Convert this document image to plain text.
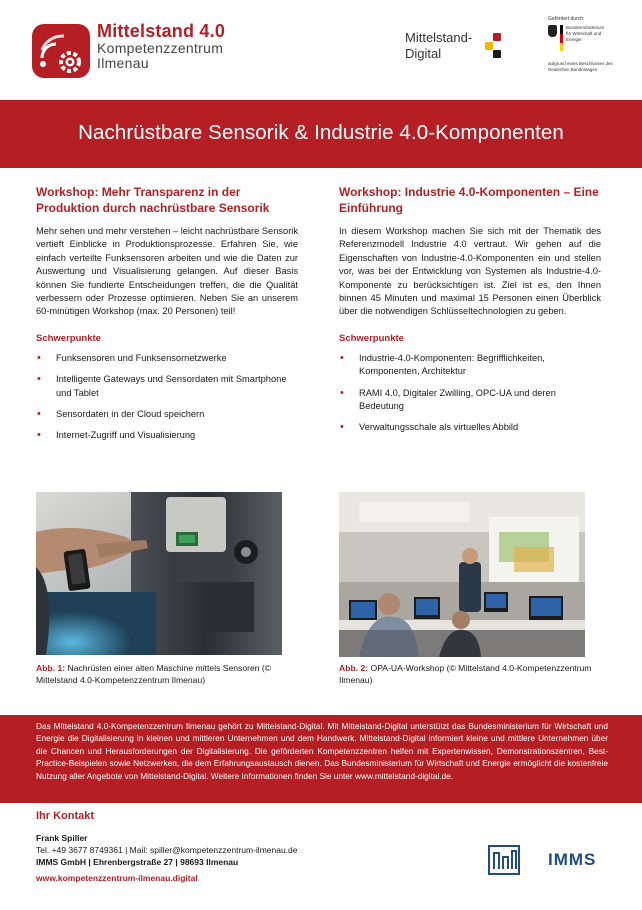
Mittelstand 4.0
Kompetenzzentrum
Ilmenau
Mittelstand-
Digital
Gefördert durch:
Bundesministerium für Wirtschaft und Energie
aufgrund eines Beschlusses des Deutschen Bundestages
Nachrüstbare Sensorik & Industrie 4.0-Komponenten
Workshop: Mehr Transparenz in der Produktion durch nachrüstbare Sensorik

Mehr sehen und mehr verstehen – leicht nachrüstbare Sensorik vertieft Einblicke in Produktionsprozesse. Erfahren Sie, wie einfach verteilte Funksensoren arbeiten und wie die Daten zur Auswertung und Visualisierung gelangen. Auf dieser Basis können Sie fundierte Entscheidungen treffen, die die Qualität verbessern oder Prozesse optimieren. Neben Sie an unserem 60-minütigen Workshop (max. 20 Personen) teil!

Schwerpunkte
• Funksensoren und Funksensornetzwerke
• Intelligente Gateways und Sensordaten mit Smartphone und Tablet
• Sensordaten in der Cloud speichern
• Internet-Zugriff und Visualisierung
Workshop: Industrie 4.0-Komponenten – Eine Einführung

In diesem Workshop machen Sie sich mit der Thematik des Referenzmodell Industrie 4.0 vertraut. Wir gehen auf die Eigenschaften von Industrie-4.0-Komponenten ein und stellen vor, was bei der Entwicklung von Systemen als Industrie-4.0-Komponente zu berücksichtigen ist. Ziel ist es, den Ihnen binnen 45 Minuten und maximal 15 Personen einen Überblick über die notwendigen Schlüsseltechnologien zu geben.

Schwerpunkte
• Industrie-4.0-Komponenten: Begrifflichkeiten, Komponenten, Architektur
• RAMI 4.0, Digitaler Zwilling, OPC-UA und deren Bedeutung
• Verwaltungsschale als virtuelles Abbild
Abb. 1: Nachrüsten einer alten Maschine mittels Sensoren (© Mittelstand 4.0-Kompetenzzentrum Ilmenau)
Abb. 2: OPA-UA-Workshop (© Mittelstand 4.0-Kompetenzzentrum Ilmenau)

Das Mittelstand 4.0-Kompetenzzentrum Ilmenau gehört zu Mittelstand-Digital. Mit Mittelstand-Digital unterstützt das Bundesministerium für Wirtschaft und Energie die Digitalisierung in kleinen und mittleren Unternehmen und dem Handwerk. Mittelstand-Digital informiert kleine und mittlere Unternehmen über die Chancen und Herausforderungen der Digitalisierung. Die geförderten Kompetenzzentren helfen mit Expertenwissen, Demonstrationszentren, Best-Practice-Beispielen sowie Netzwerken, die dem Erfahrungsaustausch dienen. Das Bundesministerium für Wirtschaft und Energie ermöglicht die kostenfreie Nutzung aller Angebote von Mittelstand-Digital. Weitere Informationen finden Sie unter www.mittelstand-digital.de.

Ihr Kontakt
Frank Spiller
Tel. +49 3677 8749361 | Mail: spiller@kompetenzzentrum-ilmenau.de
IMMS GmbH | Ehrenbergstraße 27 | 98693 Ilmenau
www.kompetenzzentrum-ilmenau.digital
IMMS
